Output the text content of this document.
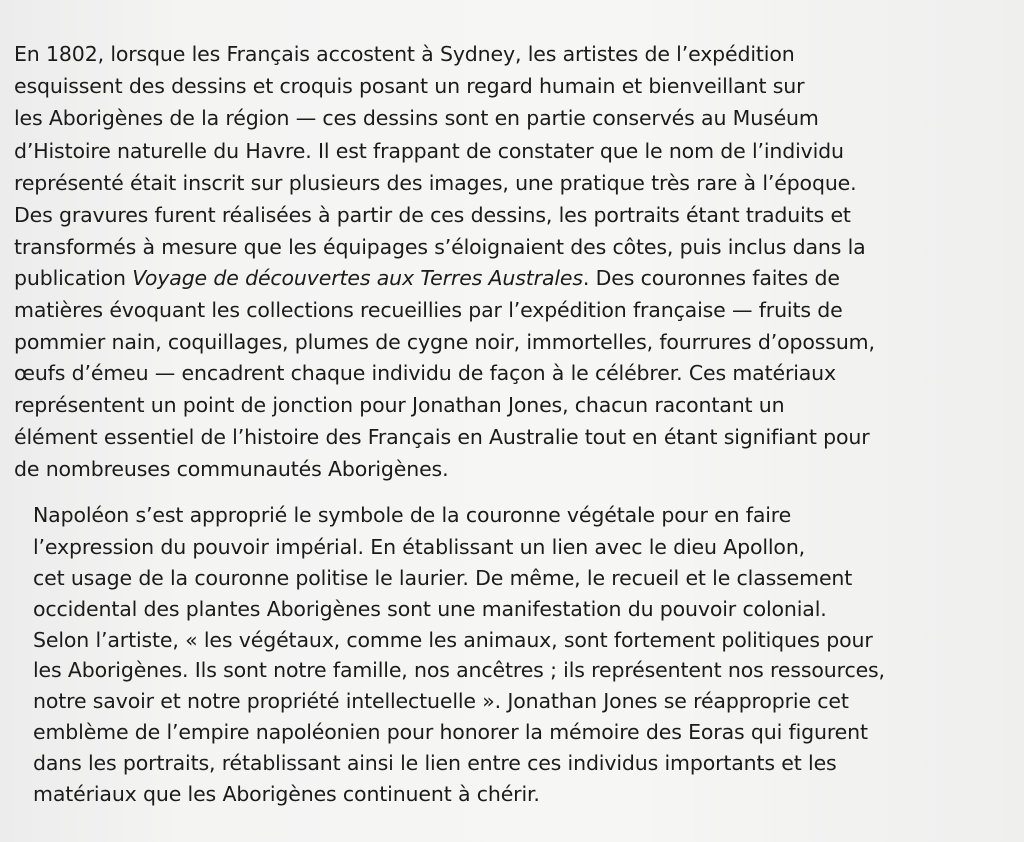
En 1802, lorsque les Français accostent à Sydney, les artistes de l’expédition
esquissent des dessins et croquis posant un regard humain et bienveillant sur
les Aborigènes de la région — ces dessins sont en partie conservés au Muséum
d’Histoire naturelle du Havre. Il est frappant de constater que le nom de l’individu
représenté était inscrit sur plusieurs des images, une pratique très rare à l’époque.
Des gravures furent réalisées à partir de ces dessins, les portraits étant traduits et
transformés à mesure que les équipages s’éloignaient des côtes, puis inclus dans la
publication Voyage de découvertes aux Terres Australes. Des couronnes faites de
matières évoquant les collections recueillies par l’expédition française — fruits de
pommier nain, coquillages, plumes de cygne noir, immortelles, fourrures d’opossum,
œufs d’émeu — encadrent chaque individu de façon à le célébrer. Ces matériaux
représentent un point de jonction pour Jonathan Jones, chacun racontant un
élément essentiel de l’histoire des Français en Australie tout en étant signifiant pour
de nombreuses communautés Aborigènes.
Napoléon s’est approprié le symbole de la couronne végétale pour en faire
l’expression du pouvoir impérial. En établissant un lien avec le dieu Apollon,
cet usage de la couronne politise le laurier. De même, le recueil et le classement
occidental des plantes Aborigènes sont une manifestation du pouvoir colonial.
Selon l’artiste, « les végétaux, comme les animaux, sont fortement politiques pour
les Aborigènes. Ils sont notre famille, nos ancêtres ; ils représentent nos ressources,
notre savoir et notre propriété intellectuelle ». Jonathan Jones se réapproprie cet
emblème de l’empire napoléonien pour honorer la mémoire des Eoras qui figurent
dans les portraits, rétablissant ainsi le lien entre ces individus importants et les
matériaux que les Aborigènes continuent à chérir.
